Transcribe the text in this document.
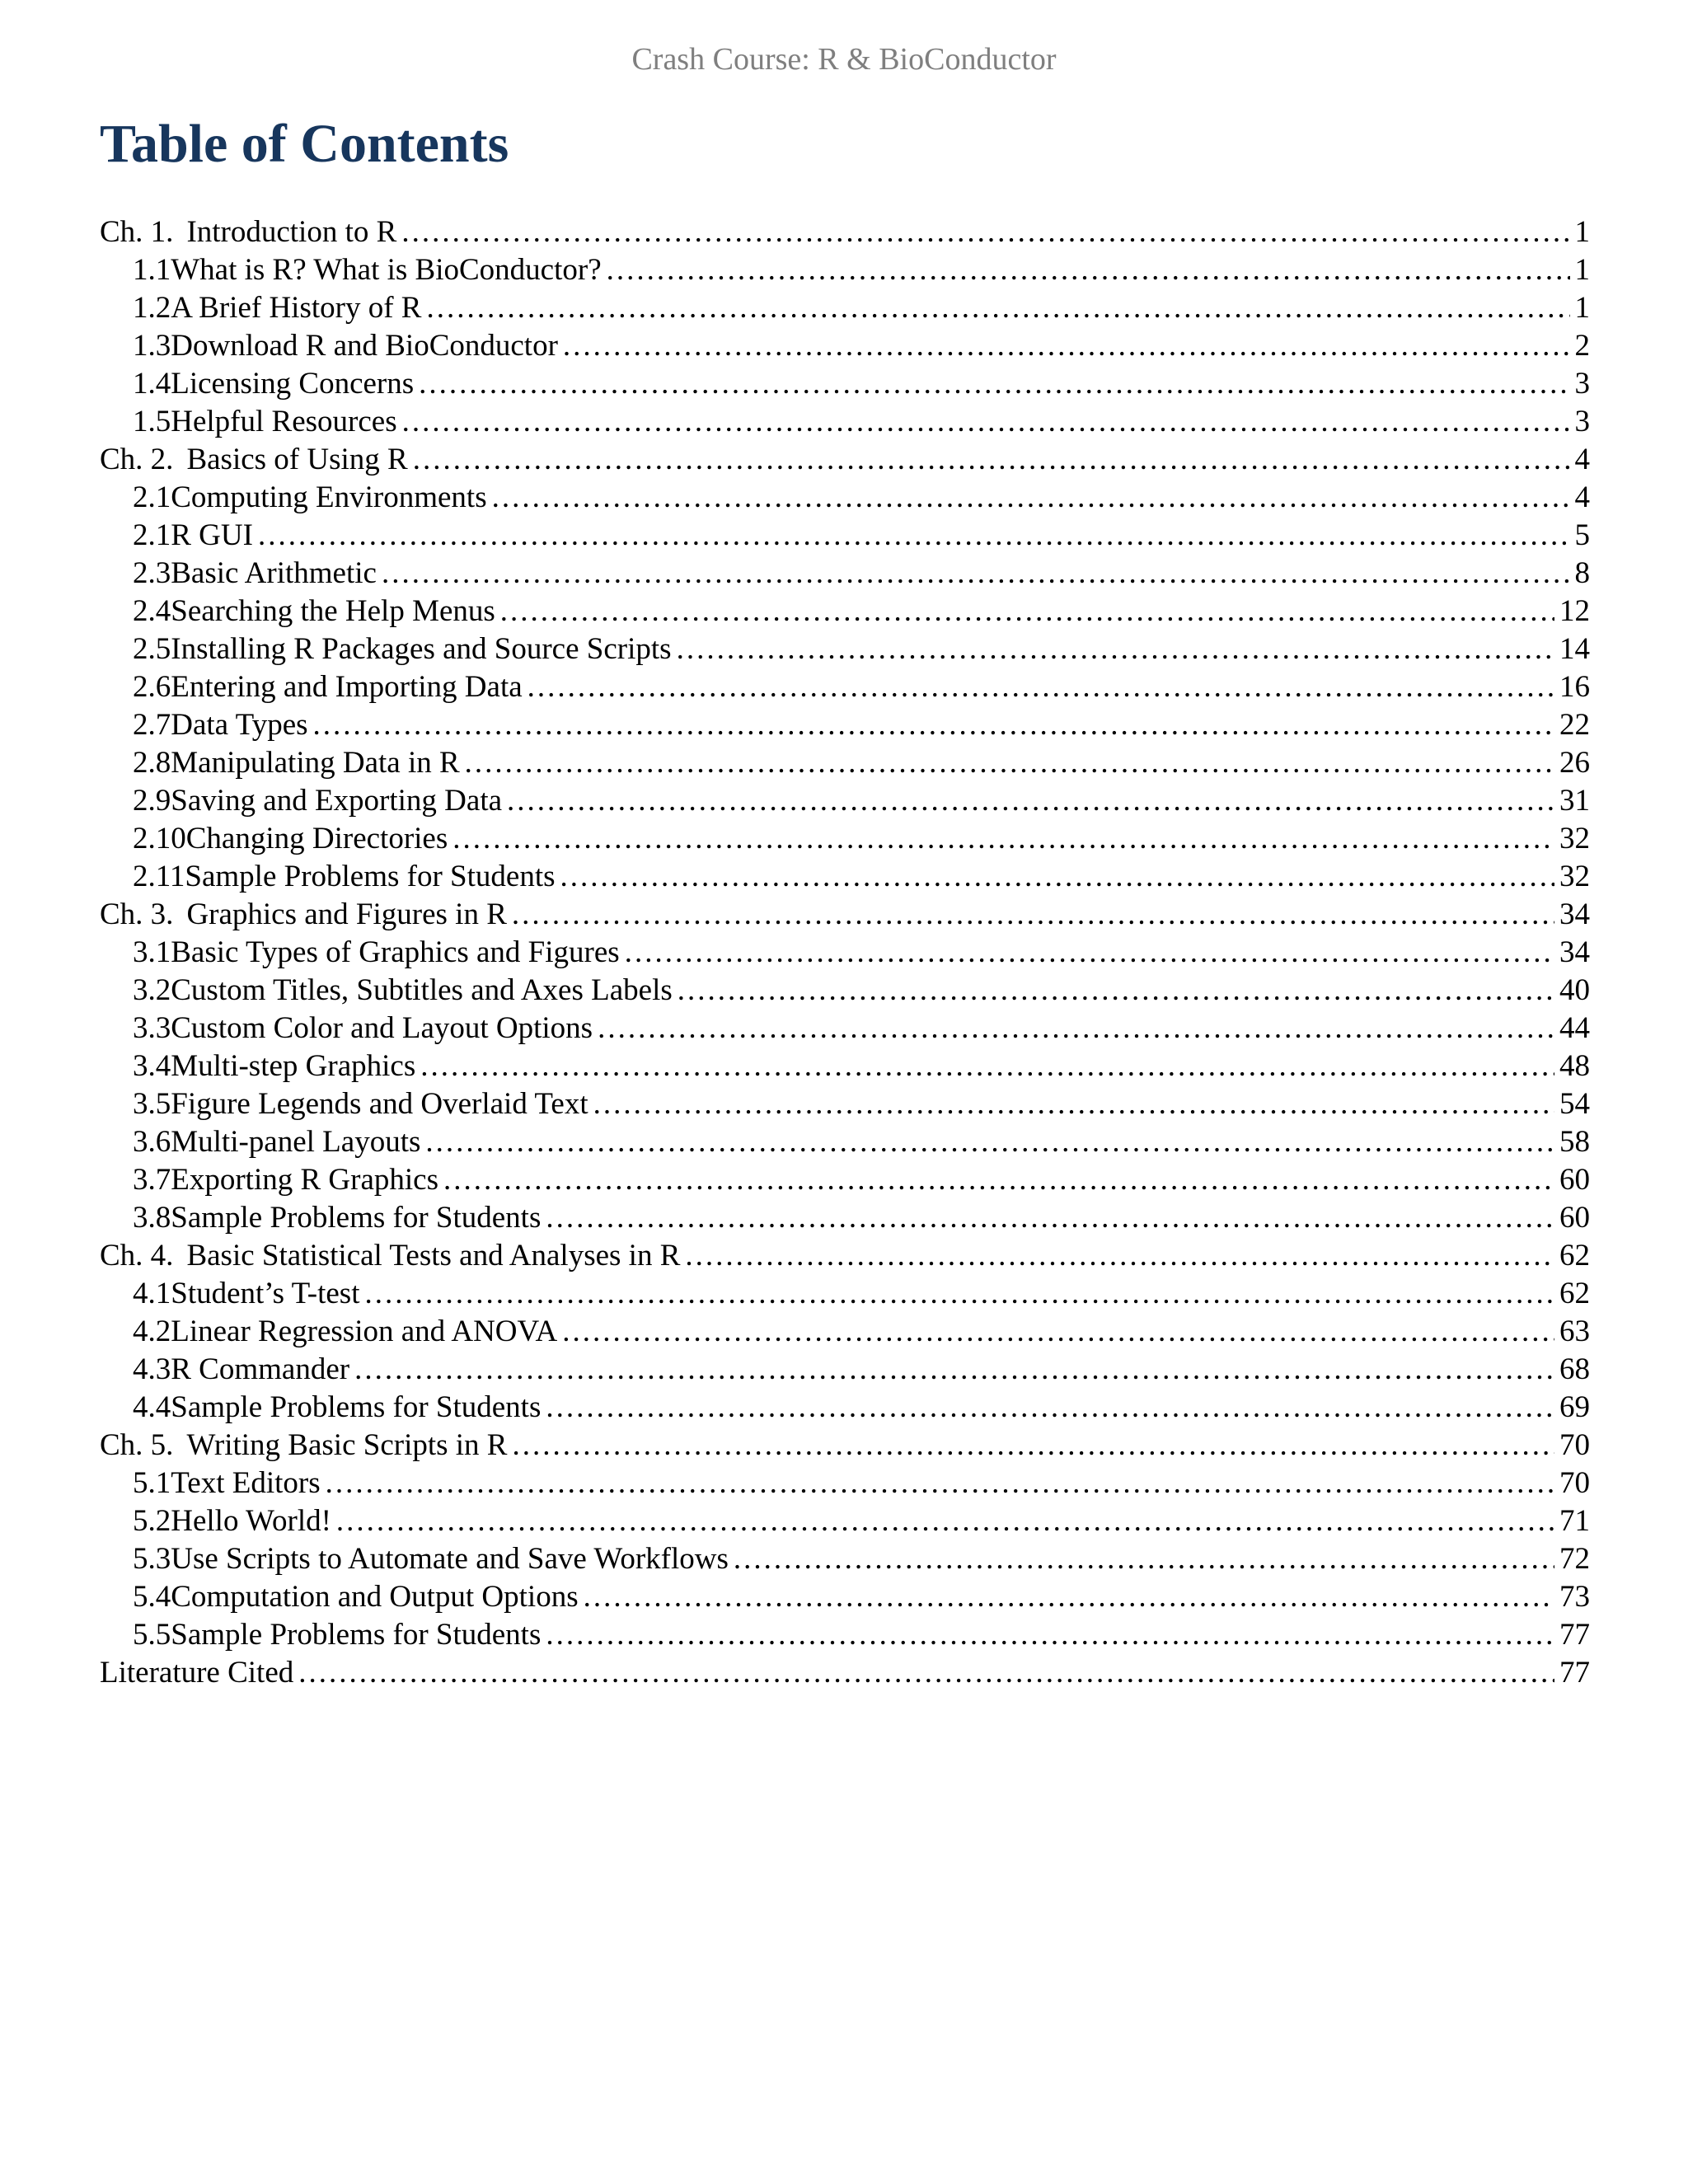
Crash Course: R & BioConductor
Table of Contents
Ch. 1. Introduction to R .....	1
1.1 What is R? What is BioConductor? .....	1
1.2 A Brief History of R .....	1
1.3 Download R and BioConductor .....	2
1.4 Licensing Concerns .....	3
1.5 Helpful Resources .....	3
Ch. 2. Basics of Using R .....	4
2.1 Computing Environments .....	4
2.1 R GUI .....	5
2.3 Basic Arithmetic .....	8
2.4 Searching the Help Menus .....	12
2.5 Installing R Packages and Source Scripts .....	14
2.6 Entering and Importing Data .....	16
2.7 Data Types .....	22
2.8 Manipulating Data in R .....	26
2.9 Saving and Exporting Data .....	31
2.10 Changing Directories .....	32
2.11 Sample Problems for Students .....	32
Ch. 3. Graphics and Figures in R .....	34
3.1 Basic Types of Graphics and Figures .....	34
3.2 Custom Titles, Subtitles and Axes Labels .....	40
3.3 Custom Color and Layout Options .....	44
3.4 Multi-step Graphics .....	48
3.5 Figure Legends and Overlaid Text .....	54
3.6 Multi-panel Layouts .....	58
3.7 Exporting R Graphics .....	60
3.8 Sample Problems for Students .....	60
Ch. 4. Basic Statistical Tests and Analyses in R .....	62
4.1 Student’s T-test .....	62
4.2 Linear Regression and ANOVA .....	63
4.3 R Commander .....	68
4.4 Sample Problems for Students .....	69
Ch. 5. Writing Basic Scripts in R .....	70
5.1 Text Editors .....	70
5.2 Hello World! .....	71
5.3 Use Scripts to Automate and Save Workflows .....	72
5.4 Computation and Output Options .....	73
5.5 Sample Problems for Students .....	77
Literature Cited .....	77
